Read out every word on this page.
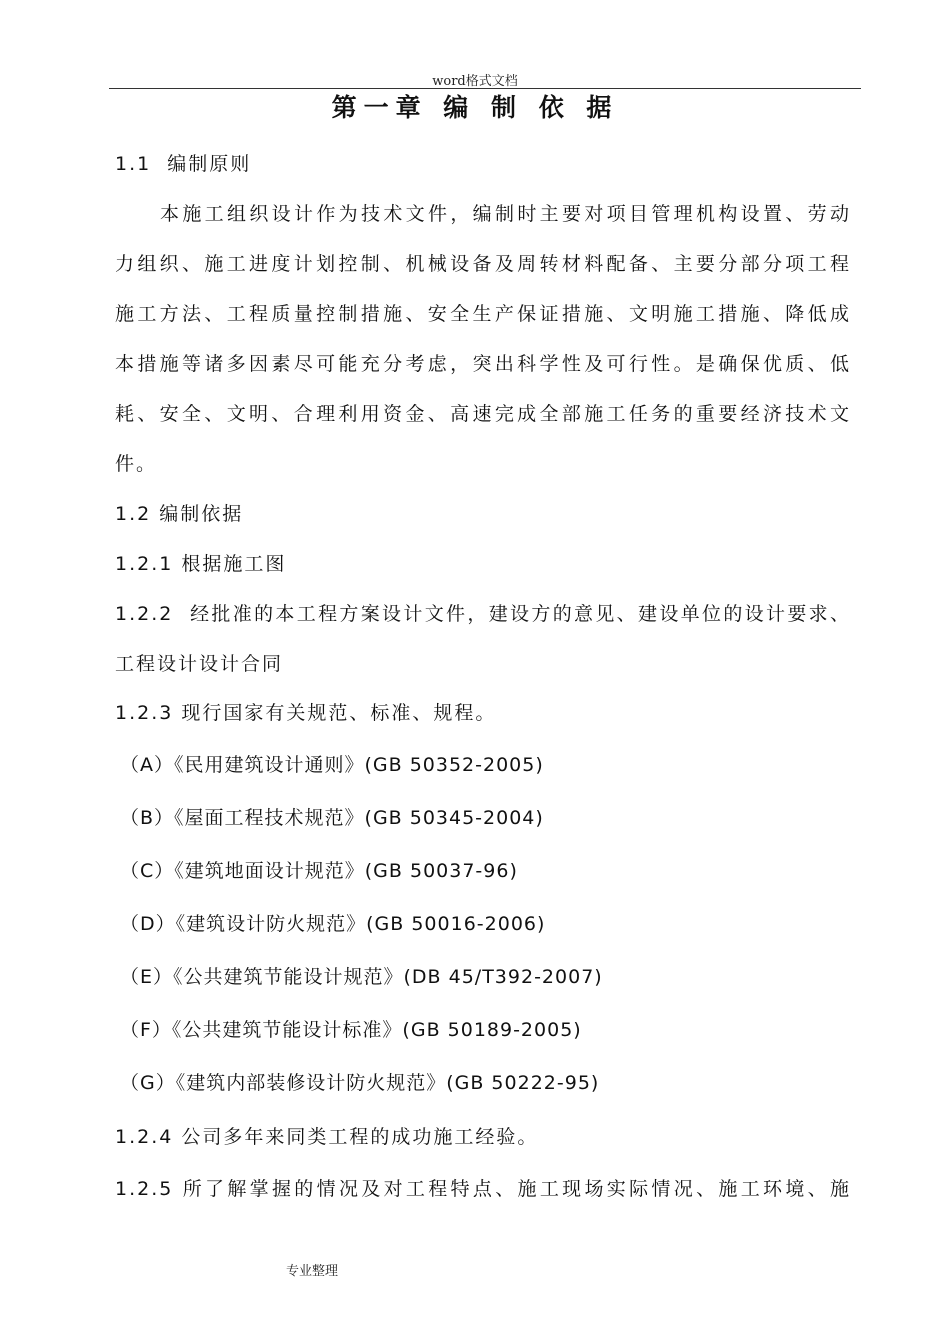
word格式文档
第一章 编 制 依 据
1.1  编制原则
本施工组织设计作为技术文件，编制时主要对项目管理机构设置、劳动
力组织、施工进度计划控制、机械设备及周转材料配备、主要分部分项工程
施工方法、工程质量控制措施、安全生产保证措施、文明施工措施、降低成
本措施等诸多因素尽可能充分考虑，突出科学性及可行性。是确保优质、低
耗、安全、文明、合理利用资金、高速完成全部施工任务的重要经济技术文
件。
1.2 编制依据
1.2.1 根据施工图
1.2.2  经批准的本工程方案设计文件，建设方的意见、建设单位的设计要求、
工程设计设计合同
1.2.3 现行国家有关规范、标准、规程。
（A）《民用建筑设计通则》(GB 50352-2005)
（B）《屋面工程技术规范》(GB 50345-2004)
（C）《建筑地面设计规范》(GB 50037-96)
（D）《建筑设计防火规范》(GB 50016-2006)
（E）《公共建筑节能设计规范》(DB 45/T392-2007)
（F）《公共建筑节能设计标准》(GB 50189-2005)
（G）《建筑内部装修设计防火规范》(GB 50222-95)
1.2.4 公司多年来同类工程的成功施工经验。
1.2.5 所了解掌握的情况及对工程特点、施工现场实际情况、施工环境、施
专业整理
